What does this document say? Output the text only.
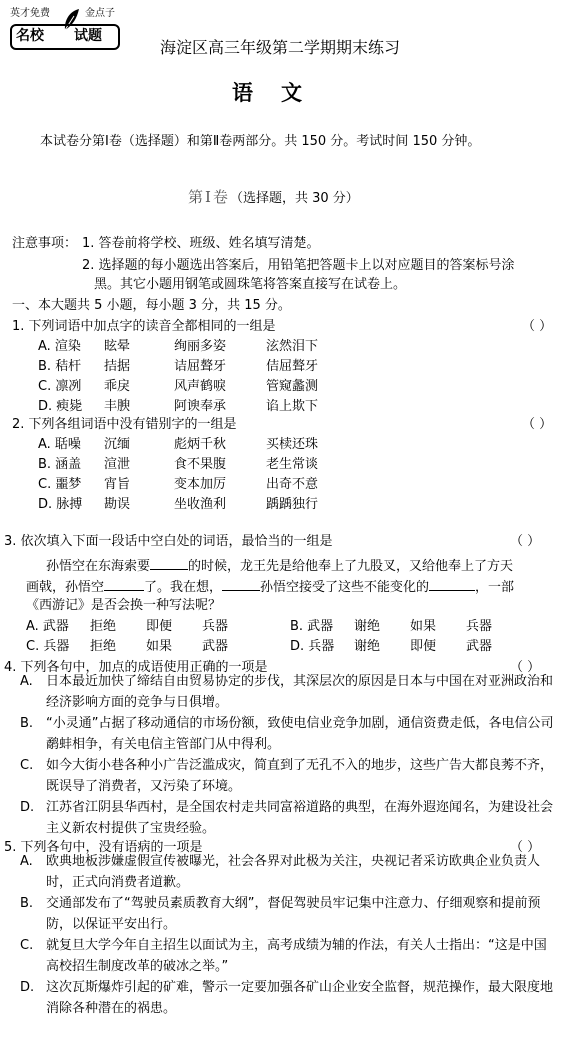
英才免费	金点子
名校 试题
海淀区高三年级第二学期期末练习
语文
本试卷分第Ⅰ卷（选择题）和第Ⅱ卷两部分。共 150 分。考试时间 150 分钟。
第Ⅰ卷（选择题，共 30 分）
注意事项： 1. 答卷前将学校、班级、姓名填写清楚。
2. 选择题的每小题选出答案后，用铅笔把答题卡上以对应题目的答案标号涂
黑。其它小题用钢笔或圆珠笔将答案直接写在试卷上。
一、本大题共 5 小题，每小题 3 分，共 15 分。
1. 下列词语中加点字的读音全都相同的一组是	（ ）
A. 渲染	眩晕	绚丽多姿	泫然泪下
B. 秸杆	拮据	诘屈聱牙	佶屈聱牙
C. 凛冽	乖戾	风声鹤唳	管窥蠡测
D. 瘐毙	丰腴	阿谀奉承	谄上欺下
2. 下列各组词语中没有错别字的一组是	（ ）
A. 聒噪	沉缅	彪炳千秋	买椟还珠
B. 涵盖	渲泄	食不果腹	老生常谈
C. 噩梦	宵旨	变本加厉	出奇不意
D. 脉搏	勘误	坐收渔利	踽踽独行
3. 依次填入下面一段话中空白处的词语，最恰当的一组是	（ ）
孙悟空在东海索要	的时候，龙王先是给他奉上了九股叉，又给他奉上了方天
画戟，孙悟空	了。我在想，	孙悟空接受了这些不能变化的	，一部
《西游记》是否会换一种写法呢？
A. 武器	拒绝	即便	兵器	B. 武器	谢绝	如果	兵器
C. 兵器	拒绝	如果	武器	D. 兵器	谢绝	即便	武器
4. 下列各句中，加点的成语使用正确的一项是	（ ）
A. 日本最近加快了缔结自由贸易协定的步伐，其深层次的原因是日本与中国在对亚洲政治和经济影响方面的竞争与日俱增。
B. “小灵通”占据了移动通信的市场份额，致使电信业竞争加剧，通信资费走低，各电信公司鹬蚌相争，有关电信主管部门从中得利。
C. 如今大街小巷各种小广告泛滥成灾，简直到了无孔不入的地步，这些广告大都良莠不齐，既误导了消费者，又污染了环境。
D. 江苏省江阴县华西村，是全国农村走共同富裕道路的典型，在海外遐迩闻名，为建设社会主义新农村提供了宝贵经验。
5. 下列各句中，没有语病的一项是	（ ）
A. 欧典地板涉嫌虚假宣传被曝光，社会各界对此极为关注，央视记者采访欧典企业负责人时，正式向消费者道歉。
B. 交通部发布了“驾驶员素质教育大纲”，督促驾驶员牢记集中注意力、仔细观察和提前预防，以保证平安出行。
C. 就复旦大学今年自主招生以面试为主，高考成绩为辅的作法，有关人士指出：“这是中国高校招生制度改革的破冰之举。”
D. 这次瓦斯爆炸引起的矿难，警示一定要加强各矿山企业安全监督，规范操作，最大限度地消除各种潜在的祸患。
